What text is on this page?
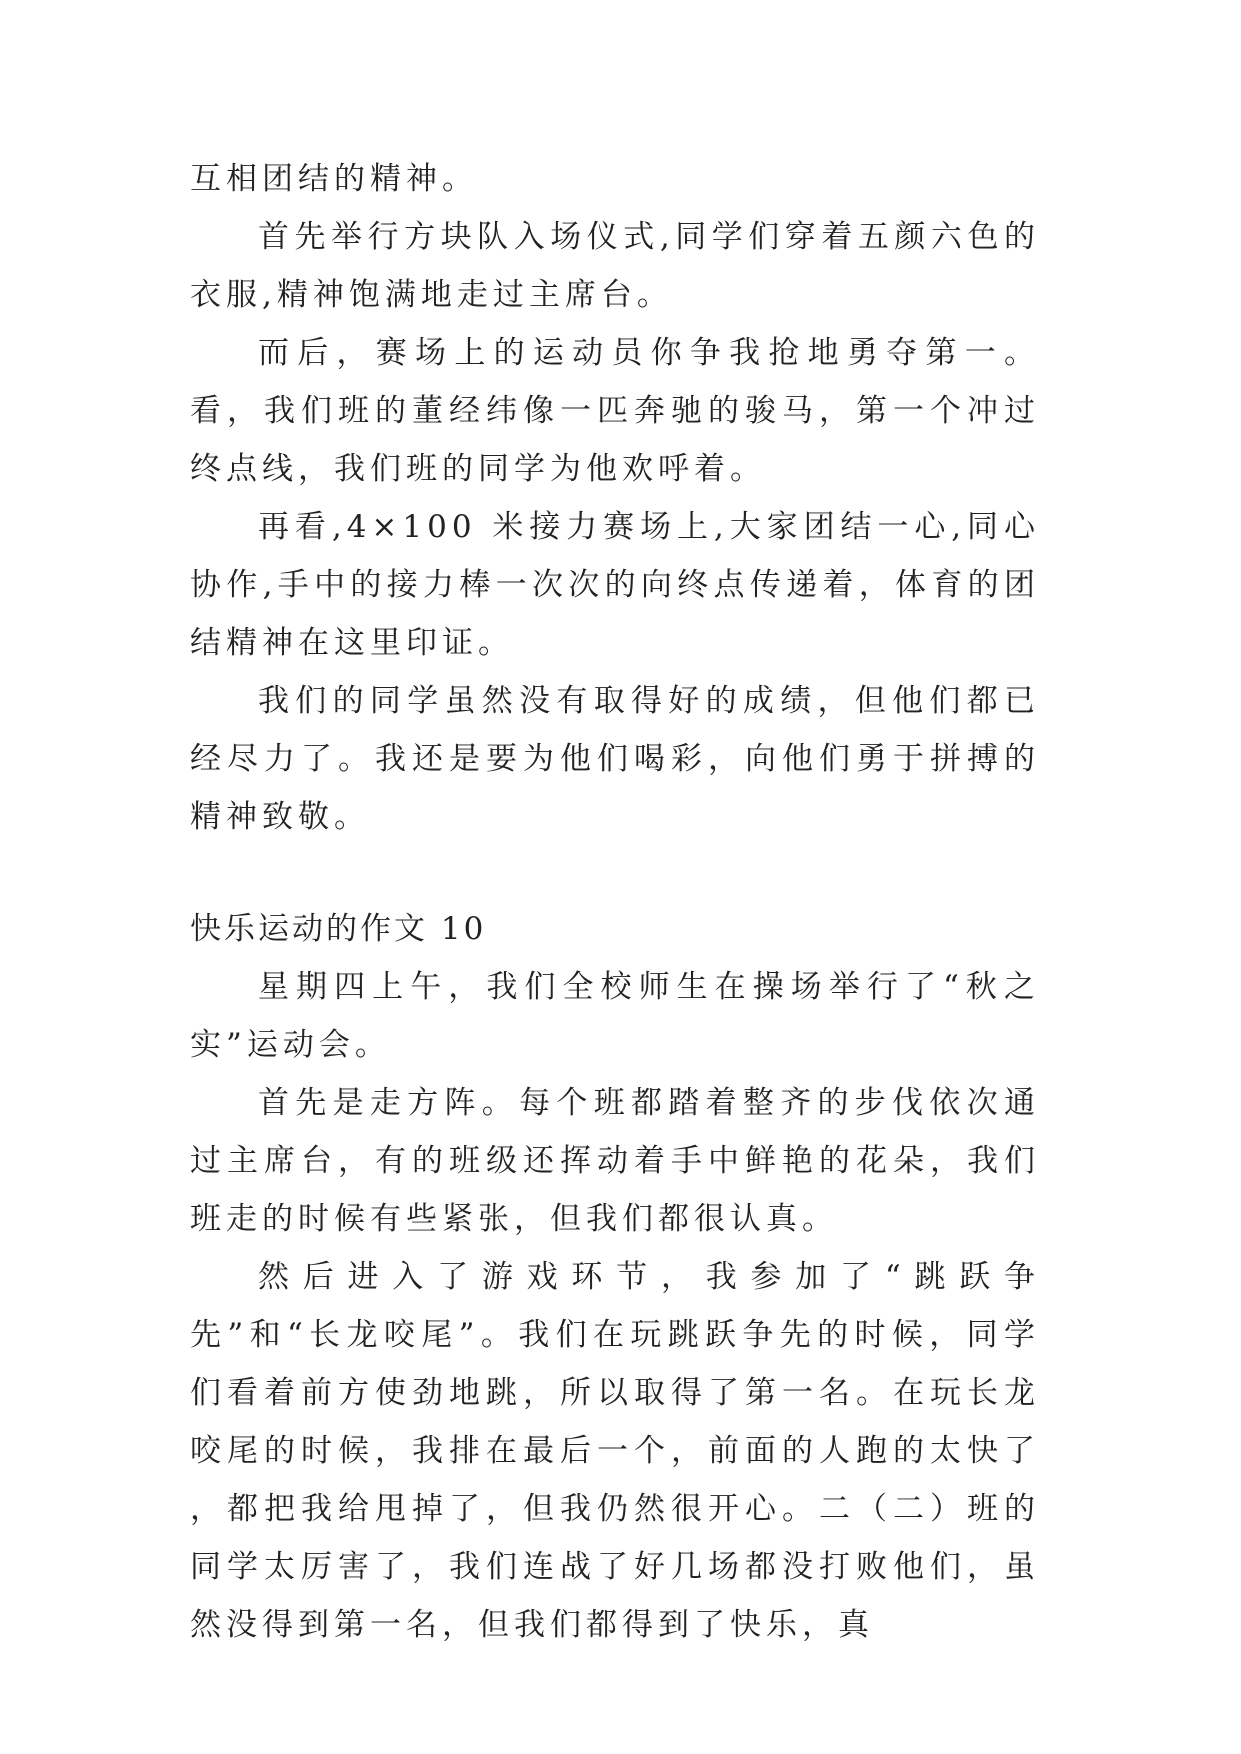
互相团结的精神。

首先举行方块队入场仪式,同学们穿着五颜六色的衣服,精神饱满地走过主席台。

而后，赛场上的运动员你争我抢地勇夺第一。看，我们班的董经纬像一匹奔驰的骏马，第一个冲过终点线，我们班的同学为他欢呼着。

再看,4×100 米接力赛场上,大家团结一心,同心协作,手中的接力棒一次次的向终点传递着，体育的团结精神在这里印证。

我们的同学虽然没有取得好的成绩，但他们都已经尽力了。我还是要为他们喝彩，向他们勇于拼搏的精神致敬。

快乐运动的作文 10

星期四上午，我们全校师生在操场举行了“秋之实”运动会。

首先是走方阵。每个班都踏着整齐的步伐依次通过主席台，有的班级还挥动着手中鲜艳的花朵，我们班走的时候有些紧张，但我们都很认真。

然后进入了游戏环节，我参加了“跳跃争先”和“长龙咬尾”。我们在玩跳跃争先的时候，同学们看着前方使劲地跳，所以取得了第一名。在玩长龙咬尾的时候，我排在最后一个，前面的人跑的太快了 ，都把我给甩掉了，但我仍然很开心。二（二）班的同学太厉害了，我们连战了好几场都没打败他们，虽然没得到第一名，但我们都得到了快乐，真
